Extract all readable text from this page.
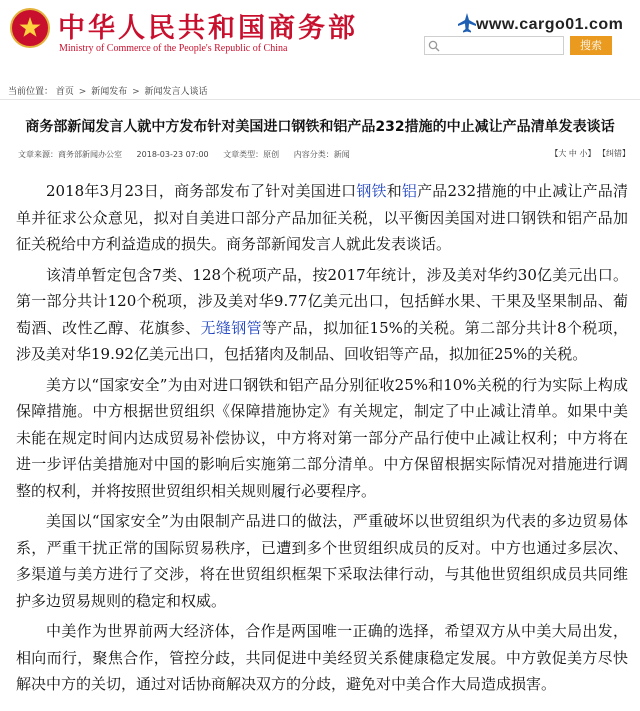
中华人民共和国商务部
Ministry of Commerce of the People's Republic of China
www.cargo01.com
搜索
当前位置： 首页 > 新闻发布 > 新闻发言人谈话
商务部新闻发言人就中方发布针对美国进口钢铁和铝产品232措施的中止减让产品清单发表谈话
文章来源：商务部新闻办公室 2018-03-23 07:00 文章类型：原创 内容分类：新闻	【大 中 小】 【纠错】

2018年3月23日，商务部发布了针对美国进口钢铁和铝产品232措施的中止减让产品清单并征求公众意见，拟对自美进口部分产品加征关税，以平衡因美国对进口钢铁和铝产品加征关税给中方利益造成的损失。商务部新闻发言人就此发表谈话。

该清单暂定包含7类、128个税项产品，按2017年统计，涉及美对华约30亿美元出口。第一部分共计120个税项，涉及美对华9.77亿美元出口，包括鲜水果、干果及坚果制品、葡萄酒、改性乙醇、花旗参、无缝钢管等产品，拟加征15%的关税。第二部分共计8个税项，涉及美对华19.92亿美元出口，包括猪肉及制品、回收铝等产品，拟加征25%的关税。

美方以“国家安全”为由对进口钢铁和铝产品分别征收25%和10%关税的行为实际上构成保障措施。中方根据世贸组织《保障措施协定》有关规定，制定了中止减让清单。如果中美未能在规定时间内达成贸易补偿协议，中方将对第一部分产品行使中止减让权利；中方将在进一步评估美措施对中国的影响后实施第二部分清单。中方保留根据实际情况对措施进行调整的权利，并将按照世贸组织相关规则履行必要程序。

美国以“国家安全”为由限制产品进口的做法，严重破坏以世贸组织为代表的多边贸易体系，严重干扰正常的国际贸易秩序，已遭到多个世贸组织成员的反对。中方也通过多层次、多渠道与美方进行了交涉，将在世贸组织框架下采取法律行动，与其他世贸组织成员共同维护多边贸易规则的稳定和权威。

中美作为世界前两大经济体，合作是两国唯一正确的选择，希望双方从中美大局出发，相向而行，聚焦合作，管控分歧，共同促进中美经贸关系健康稳定发展。中方敦促美方尽快解决中方的关切，通过对话协商解决双方的分歧，避免对中美合作大局造成损害。
